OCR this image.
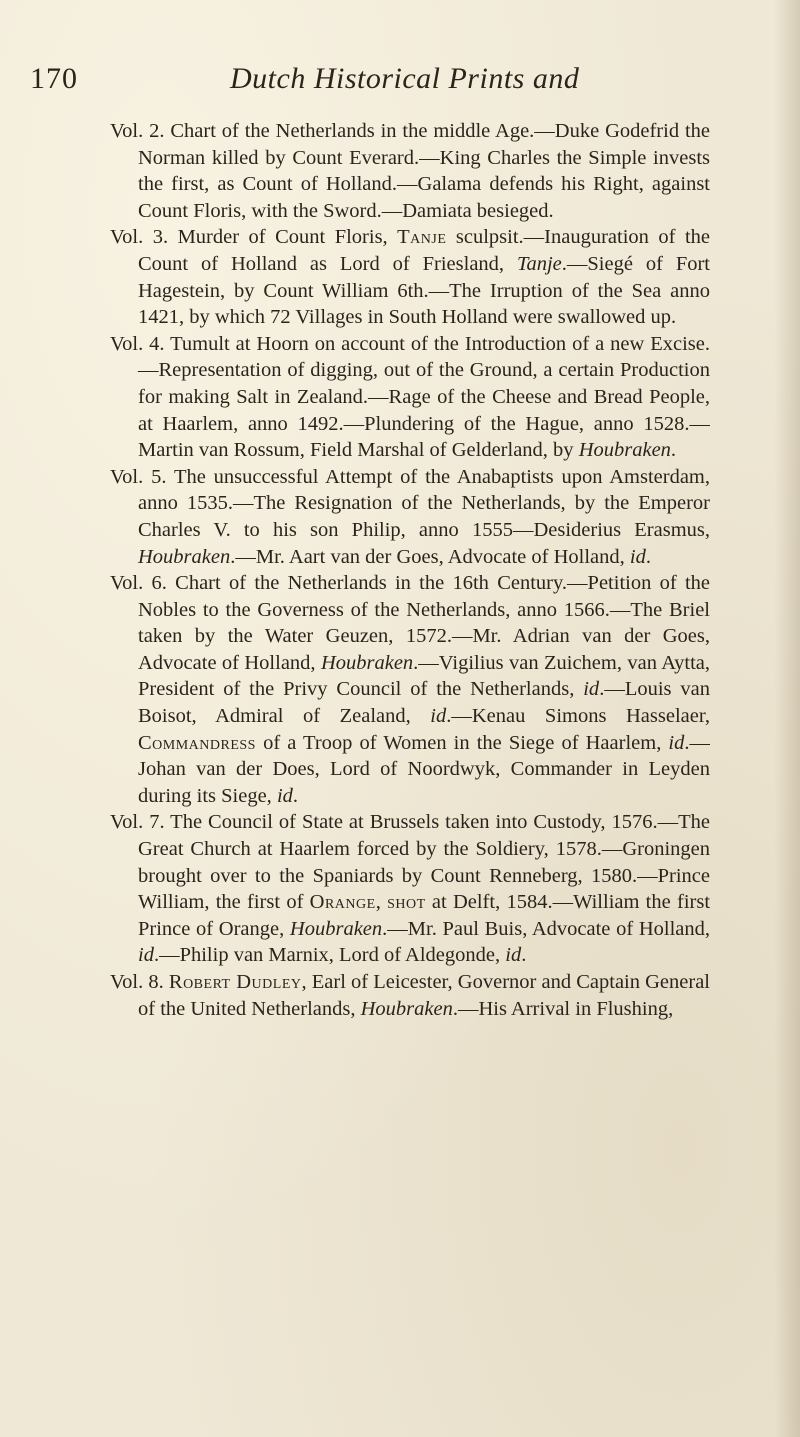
170	Dutch Historical Prints and

Vol. 2. Chart of the Netherlands in the middle Age.—Duke Godefrid the Norman killed by Count Everard.—King Charles the Simple invests the first, as Count of Holland.—Galama defends his Right, against Count Floris, with the Sword.—Damiata besieged.

Vol. 3. Murder of Count Floris, Tanje sculpsit.—Inauguration of the Count of Holland as Lord of Friesland, Tanje.—Siegé of Fort Hagestein, by Count William 6th.—The Irruption of the Sea anno 1421, by which 72 Villages in South Holland were swallowed up.

Vol. 4. Tumult at Hoorn on account of the Introduction of a new Excise.—Representation of digging, out of the Ground, a certain Production for making Salt in Zealand.—Rage of the Cheese and Bread People, at Haarlem, anno 1492.—Plundering of the Hague, anno 1528.—Martin van Rossum, Field Marshal of Gelderland, by Houbraken.

Vol. 5. The unsuccessful Attempt of the Anabaptists upon Amsterdam, anno 1535.—The Resignation of the Netherlands, by the Emperor Charles V. to his son Philip, anno 1555—Desiderius Erasmus, Houbraken.—Mr. Aart van der Goes, Advocate of Holland, id.

Vol. 6. Chart of the Netherlands in the 16th Century.—Petition of the Nobles to the Governess of the Netherlands, anno 1566.—The Briel taken by the Water Geuzen, 1572.—Mr. Adrian van der Goes, Advocate of Holland, Houbraken.—Vigilius van Zuichem, van Aytta, President of the Privy Council of the Netherlands, id.—Louis van Boisot, Admiral of Zealand, id.—Kenau Simons Hasselaer, Commandress of a Troop of Women in the Siege of Haarlem, id.—Johan van der Does, Lord of Noordwyk, Commander in Leyden during its Siege, id.

Vol. 7. The Council of State at Brussels taken into Custody, 1576.—The Great Church at Haarlem forced by the Soldiery, 1578.—Groningen brought over to the Spaniards by Count Renneberg, 1580.—Prince William, the first of Orange, shot at Delft, 1584.—William the first Prince of Orange, Houbraken.—Mr. Paul Buis, Advocate of Holland, id.—Philip van Marnix, Lord of Aldegonde, id.

Vol. 8. Robert Dudley, Earl of Leicester, Governor and Captain General of the United Netherlands, Houbraken.—His Arrival in Flushing,
